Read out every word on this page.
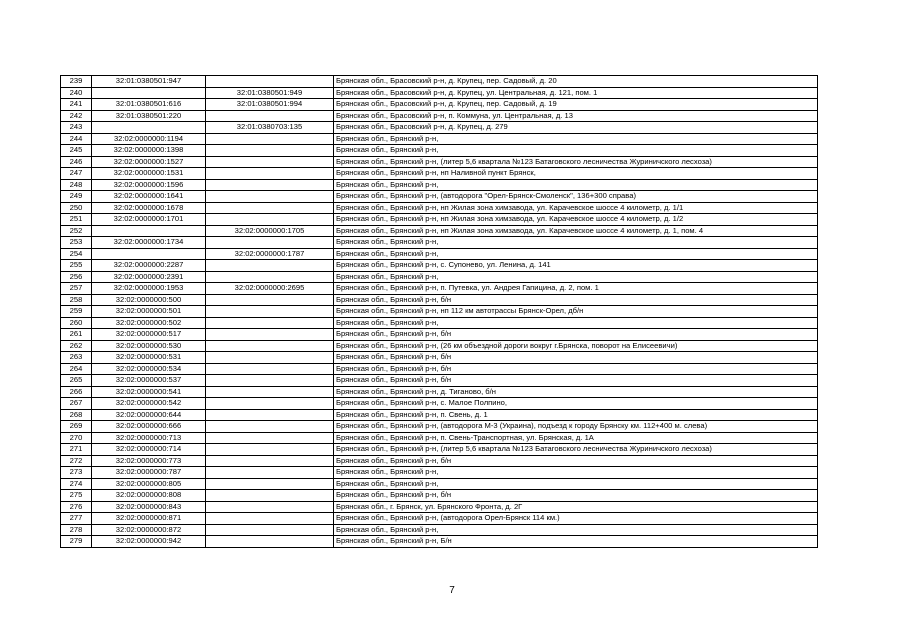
239	32:01:0380501:947		Брянская обл., Брасовский р-н, д. Крупец, пер. Садовый, д. 20
240		32:01:0380501:949	Брянская обл., Брасовский р-н, д. Крупец, ул. Центральная, д. 121, пом. 1
241	32:01:0380501:616	32:01:0380501:994	Брянская обл., Брасовский р-н, д. Крупец, пер. Садовый, д. 19
242	32:01:0380501:220		Брянская обл., Брасовский р-н, п. Коммуна, ул. Центральная, д. 13
243		32:01:0380703:135	Брянская обл., Брасовский р-н, д. Крупец, д. 279
244	32:02:0000000:1194		Брянская обл., Брянский р-н,
245	32:02:0000000:1398		Брянская обл., Брянский р-н,
246	32:02:0000000:1527		Брянская обл., Брянский р-н, (литер 5,6 квартала №123 Батаговского лесничества Журиничского лесхоза)
247	32:02:0000000:1531		Брянская обл., Брянский р-н, нп Наливной пункт Брянск,
248	32:02:0000000:1596		Брянская обл., Брянский р-н,
249	32:02:0000000:1641		Брянская обл., Брянский р-н, (автодорога "Орел-Брянск-Смоленск", 136+300 справа)
250	32:02:0000000:1678		Брянская обл., Брянский р-н, нп Жилая зона химзавода, ул. Карачевское шоссе 4 километр, д. 1/1
251	32:02:0000000:1701		Брянская обл., Брянский р-н, нп Жилая зона химзавода, ул. Карачевское шоссе 4 километр, д. 1/2
252		32:02:0000000:1705	Брянская обл., Брянский р-н, нп Жилая зона химзавода, ул. Карачевское шоссе 4 километр, д. 1, пом. 4
253	32:02:0000000:1734		Брянская обл., Брянский р-н,
254		32:02:0000000:1787	Брянская обл., Брянский р-н,
255	32:02:0000000:2287		Брянская обл., Брянский р-н, с. Супонево, ул. Ленина, д. 141
256	32:02:0000000:2391		Брянская обл., Брянский р-н,
257	32:02:0000000:1953	32:02:0000000:2695	Брянская обл., Брянский р-н, п. Путевка, ул. Андрея Гапицина, д. 2, пом. 1
258	32:02:0000000:500		Брянская обл., Брянский р-н, б/н
259	32:02:0000000:501		Брянская обл., Брянский р-н, нп 112 км автотрассы Брянск-Орел, дб/н
260	32:02:0000000:502		Брянская обл., Брянский р-н,
261	32:02:0000000:517		Брянская обл., Брянский р-н, б/н
262	32:02:0000000:530		Брянская обл., Брянский р-н, (26 км объездной дороги вокруг г.Брянска, поворот на Елисеевичи)
263	32:02:0000000:531		Брянская обл., Брянский р-н, б/н
264	32:02:0000000:534		Брянская обл., Брянский р-н, б/н
265	32:02:0000000:537		Брянская обл., Брянский р-н, б/н
266	32:02:0000000:541		Брянская обл., Брянский р-н, д. Тиганово, б/н
267	32:02:0000000:542		Брянская обл., Брянский р-н, с. Малое Полпино,
268	32:02:0000000:644		Брянская обл., Брянский р-н, п. Свень, д. 1
269	32:02:0000000:666		Брянская обл., Брянский р-н, (автодорога М-3 (Украина), подъезд к городу Брянску км. 112+400 м. слева)
270	32:02:0000000:713		Брянская обл., Брянский р-н, п. Свень-Транспортная, ул. Брянская, д. 1А
271	32:02:0000000:714		Брянская обл., Брянский р-н, (литер 5,6 квартала №123 Батаговского лесничества Журиничского лесхоза)
272	32:02:0000000:773		Брянская обл., Брянский р-н, б/н
273	32:02:0000000:787		Брянская обл., Брянский р-н,
274	32:02:0000000:805		Брянская обл., Брянский р-н,
275	32:02:0000000:808		Брянская обл., Брянский р-н, б/н
276	32:02:0000000:843		Брянская обл., г. Брянск, ул. Брянского Фронта, д. 2Г
277	32:02:0000000:871		Брянская обл., Брянский р-н, (автодорога Орел-Брянск 114 км.)
278	32:02:0000000:872		Брянская обл., Брянский р-н,
279	32:02:0000000:942		Брянская обл., Брянский р-н, Б/н
7
